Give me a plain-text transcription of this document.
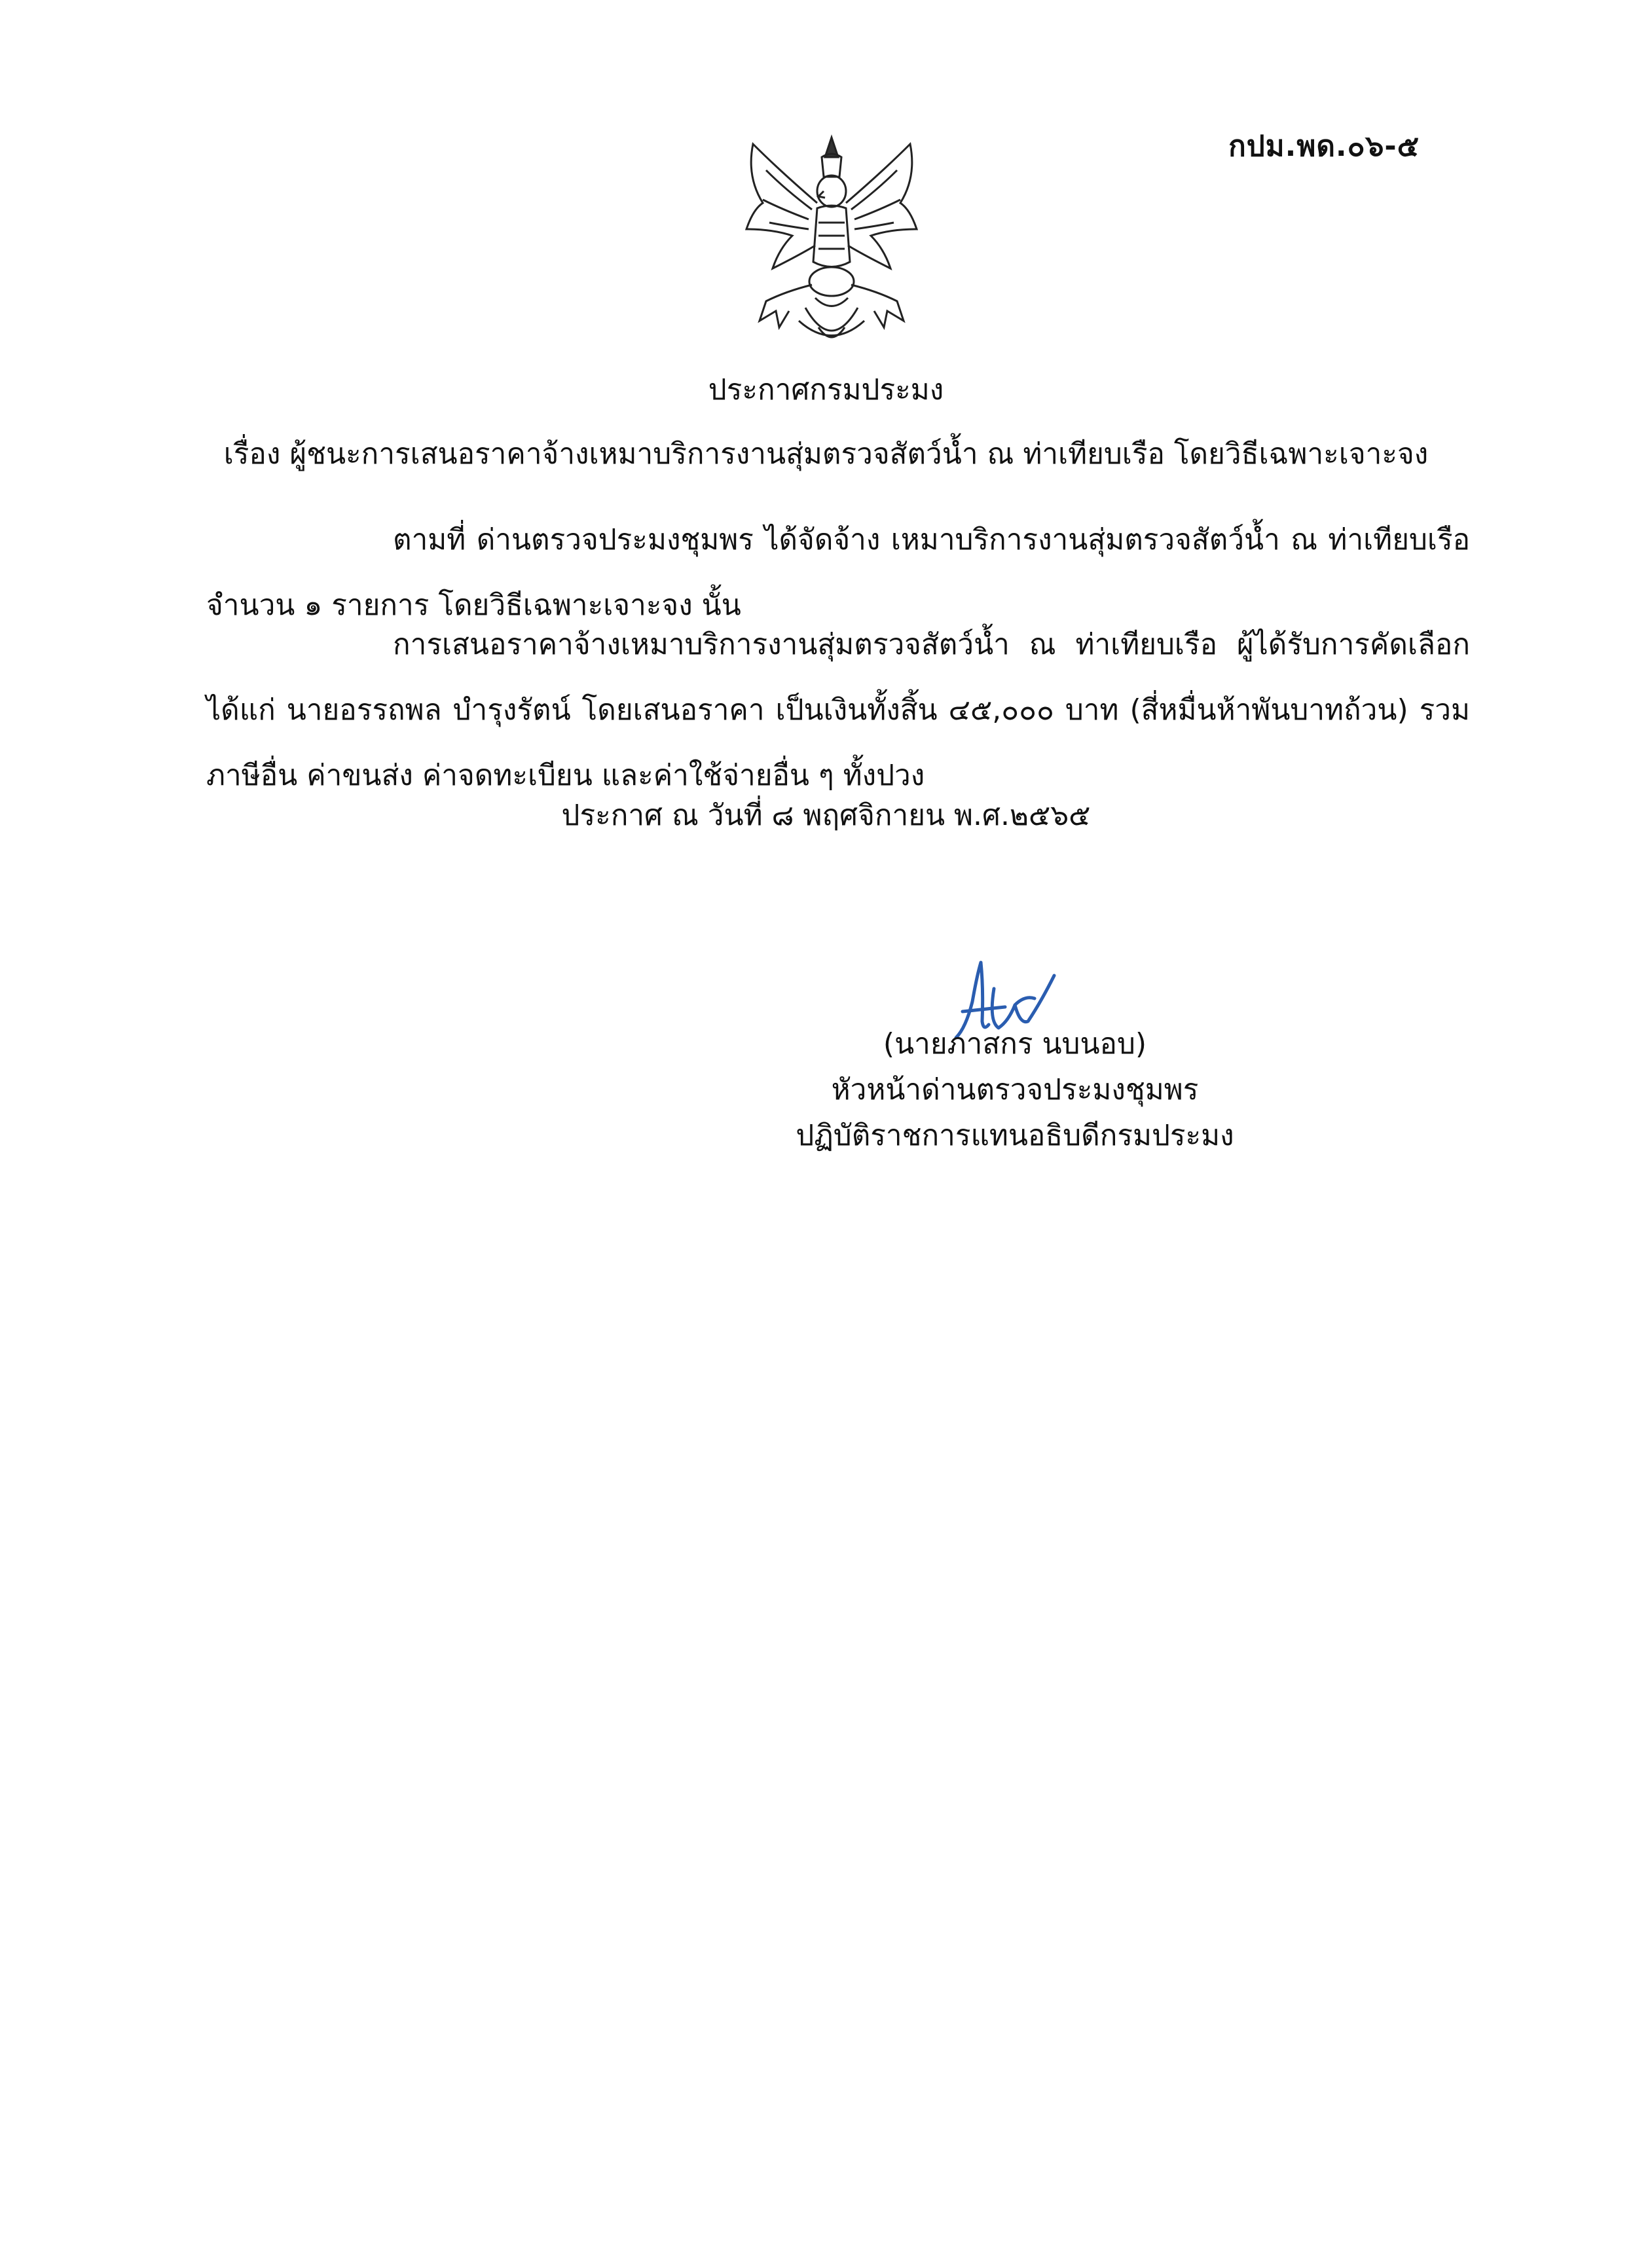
กปม.พด.๐๖-๕
ประกาศกรมประมง
เรื่อง ผู้ชนะการเสนอราคาจ้างเหมาบริการงานสุ่มตรวจสัตว์น้ำ ณ ท่าเทียบเรือ โดยวิธีเฉพาะเจาะจง
ตามที่ ด่านตรวจประมงชุมพร ได้จัดจ้าง เหมาบริการงานสุ่มตรวจสัตว์น้ำ ณ ท่าเทียบเรือ จำนวน ๑ รายการ โดยวิธีเฉพาะเจาะจง นั้น
การเสนอราคาจ้างเหมาบริการงานสุ่มตรวจสัตว์น้ำ ณ ท่าเทียบเรือ ผู้ได้รับการคัดเลือก ได้แก่ นายอรรถพล บำรุงรัตน์ โดยเสนอราคา เป็นเงินทั้งสิ้น ๔๕,๐๐๐ บาท (สี่หมื่นห้าพันบาทถ้วน) รวมภาษีอื่น ค่าขนส่ง ค่าจดทะเบียน และค่าใช้จ่ายอื่น ๆ ทั้งปวง
ประกาศ ณ วันที่ ๘ พฤศจิกายน พ.ศ.๒๕๖๕
(นายภาสกร นบนอบ)
หัวหน้าด่านตรวจประมงชุมพร
ปฏิบัติราชการแทนอธิบดีกรมประมง
